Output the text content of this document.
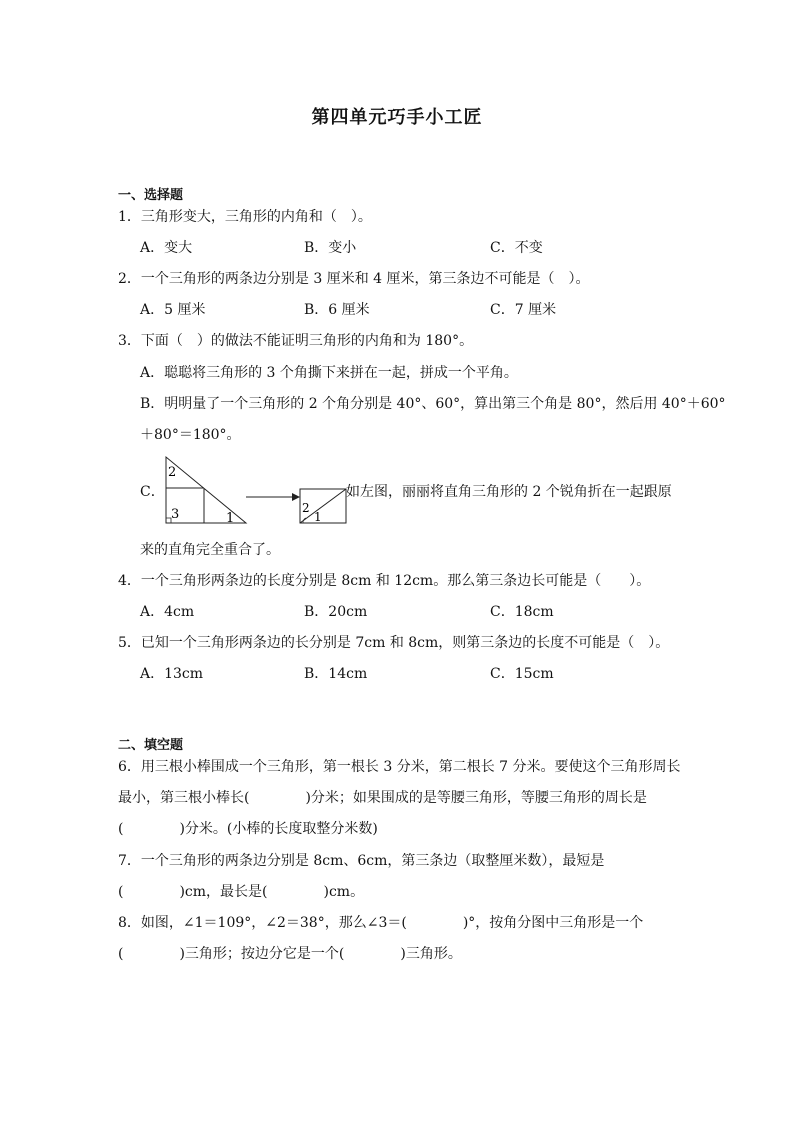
第四单元巧手小工匠
一、选择题
1．三角形变大，三角形的内角和（　）。
A．变大	B．变小	C．不变
2．一个三角形的两条边分别是 3 厘米和 4 厘米，第三条边不可能是（　）。
A．5 厘米	B．6 厘米	C．7 厘米
3．下面（　）的做法不能证明三角形的内角和为 180°。
A．聪聪将三角形的 3 个角撕下来拼在一起，拼成一个平角。
B．明明量了一个三角形的 2 个角分别是 40°、60°，算出第三个角是 80°，然后用 40°＋60°
＋80°＝180°。
C．
2
3	1
2
1
如左图，丽丽将直角三角形的 2 个锐角折在一起跟原
来的直角完全重合了。
4．一个三角形两条边的长度分别是 8cm 和 12cm。那么第三条边长可能是（　　）。
A．4cm	B．20cm	C．18cm
5．已知一个三角形两条边的长分别是 7cm 和 8cm，则第三条边的长度不可能是（　）。
A．13cm	B．14cm	C．15cm
二、填空题
6．用三根小棒围成一个三角形，第一根长 3 分米，第二根长 7 分米。要使这个三角形周长
最小，第三根小棒长(　　　　)分米；如果围成的是等腰三角形，等腰三角形的周长是
(　　　　)分米。(小棒的长度取整分米数)
7．一个三角形的两条边分别是 8cm、6cm，第三条边（取整厘米数），最短是
(　　　　)cm，最长是(　　　　)cm。
8．如图，∠1＝109°，∠2＝38°，那么∠3＝(　　　　)°，按角分图中三角形是一个
(　　　　)三角形；按边分它是一个(　　　　)三角形。
